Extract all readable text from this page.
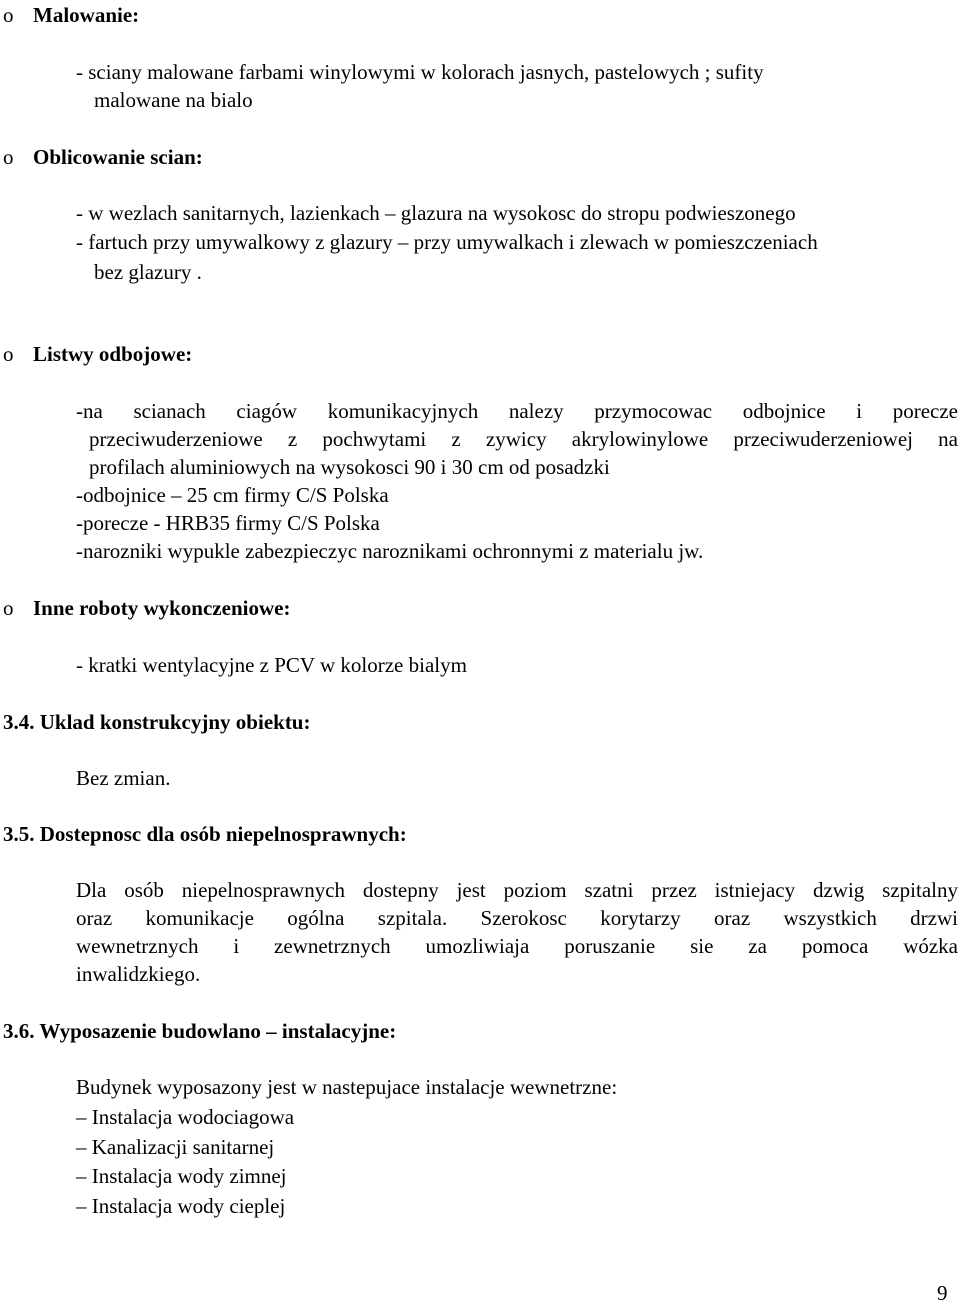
o Malowanie:
- sciany malowane farbami winylowymi w kolorach jasnych, pastelowych ; sufity
malowane na bialo
o Oblicowanie scian:
- w wezlach sanitarnych, lazienkach – glazura na wysokosc do stropu podwieszonego
- fartuch przy umywalkowy z glazury – przy umywalkach i zlewach w pomieszczeniach
bez glazury .
o Listwy odbojowe:
-na scianach ciagów komunikacyjnych nalezy przymocowac odbojnice i porecze
przeciwuderzeniowe z pochwytami z zywicy akrylowinylowe przeciwuderzeniowej na
profilach aluminiowych na wysokosci 90 i 30 cm od posadzki
-odbojnice – 25 cm firmy C/S Polska
-porecze - HRB35 firmy C/S Polska
-narozniki wypukle zabezpieczyc naroznikami ochronnymi z materialu jw.
o Inne roboty wykonczeniowe:
- kratki wentylacyjne z PCV w kolorze bialym
3.4. Uklad konstrukcyjny obiektu:
Bez zmian.
3.5. Dostepnosc dla osób niepelnosprawnych:
Dla osób niepelnosprawnych dostepny jest poziom szatni przez istniejacy dzwig szpitalny
oraz komunikacje ogólna szpitala. Szerokosc korytarzy oraz wszystkich drzwi
wewnetrznych i zewnetrznych umozliwiaja poruszanie sie za pomoca wózka
inwalidzkiego.
3.6. Wyposazenie budowlano – instalacyjne:
Budynek wyposazony jest w nastepujace instalacje wewnetrzne:
– Instalacja wodociagowa
– Kanalizacji sanitarnej
– Instalacja wody zimnej
– Instalacja wody cieplej
9
